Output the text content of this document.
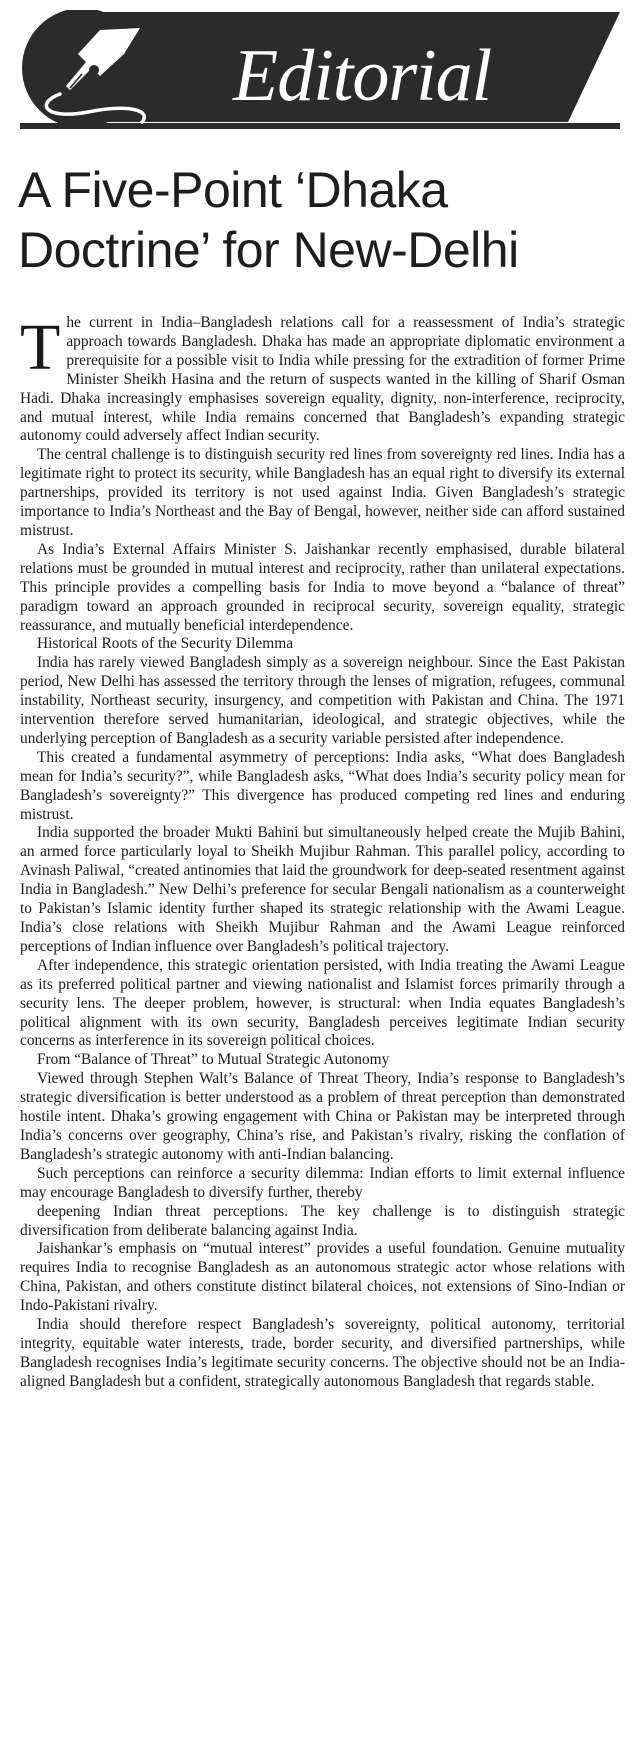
Editorial
A Five-Point ‘Dhaka Doctrine’ for New-Delhi

The current in India–Bangladesh relations call for a reassessment of India’s strategic approach towards Bangladesh. Dhaka has made an appropriate diplomatic environment a prerequisite for a possible visit to India while pressing for the extradition of former Prime Minister Sheikh Hasina and the return of suspects wanted in the killing of Sharif Osman Hadi. Dhaka increasingly emphasises sovereign equality, dignity, non-interference, reciprocity, and mutual interest, while India remains concerned that Bangladesh’s expanding strategic autonomy could adversely affect Indian security.

The central challenge is to distinguish security red lines from sovereignty red lines. India has a legitimate right to protect its security, while Bangladesh has an equal right to diversify its external partnerships, provided its territory is not used against India. Given Bangladesh’s strategic importance to India’s Northeast and the Bay of Bengal, however, neither side can afford sustained mistrust.

As India’s External Affairs Minister S. Jaishankar recently emphasised, durable bilateral relations must be grounded in mutual interest and reciprocity, rather than unilateral expectations. This principle provides a compelling basis for India to move beyond a “balance of threat” paradigm toward an approach grounded in reciprocal security, sovereign equality, strategic reassurance, and mutually beneficial interdependence.

Historical Roots of the Security Dilemma

India has rarely viewed Bangladesh simply as a sovereign neighbour. Since the East Pakistan period, New Delhi has assessed the territory through the lenses of migration, refugees, communal instability, Northeast security, insurgency, and competition with Pakistan and China. The 1971 intervention therefore served humanitarian, ideological, and strategic objectives, while the underlying perception of Bangladesh as a security variable persisted after independence.

This created a fundamental asymmetry of perceptions: India asks, “What does Bangladesh mean for India’s security?”, while Bangladesh asks, “What does India’s security policy mean for Bangladesh’s sovereignty?” This divergence has produced competing red lines and enduring mistrust.

India supported the broader Mukti Bahini but simultaneously helped create the Mujib Bahini, an armed force particularly loyal to Sheikh Mujibur Rahman. This parallel policy, according to Avinash Paliwal, “created antinomies that laid the groundwork for deep-seated resentment against India in Bangladesh.” New Delhi’s preference for secular Bengali nationalism as a counterweight to Pakistan’s Islamic identity further shaped its strategic relationship with the Awami League. India’s close relations with Sheikh Mujibur Rahman and the Awami League reinforced perceptions of Indian influence over Bangladesh’s political trajectory.

After independence, this strategic orientation persisted, with India treating the Awami League as its preferred political partner and viewing nationalist and Islamist forces primarily through a security lens. The deeper problem, however, is structural: when India equates Bangladesh’s political alignment with its own security, Bangladesh perceives legitimate Indian security concerns as interference in its sovereign political choices.

From “Balance of Threat” to Mutual Strategic Autonomy

Viewed through Stephen Walt’s Balance of Threat Theory, India’s response to Bangladesh’s strategic diversification is better understood as a problem of threat perception than demonstrated hostile intent. Dhaka’s growing engagement with China or Pakistan may be interpreted through India’s concerns over geography, China’s rise, and Pakistan’s rivalry, risking the conflation of Bangladesh’s strategic autonomy with anti-Indian balancing.

Such perceptions can reinforce a security dilemma: Indian efforts to limit external influence may encourage Bangladesh to diversify further, thereby

deepening Indian threat perceptions. The key challenge is to distinguish strategic diversification from deliberate balancing against India.

Jaishankar’s emphasis on “mutual interest” provides a useful foundation. Genuine mutuality requires India to recognise Bangladesh as an autonomous strategic actor whose relations with China, Pakistan, and others constitute distinct bilateral choices, not extensions of Sino-Indian or Indo-Pakistani rivalry.

India should therefore respect Bangladesh’s sovereignty, political autonomy, territorial integrity, equitable water interests, trade, border security, and diversified partnerships, while Bangladesh recognises India’s legitimate security concerns. The objective should not be an India-aligned Bangladesh but a confident, strategically autonomous Bangladesh that regards stable.
